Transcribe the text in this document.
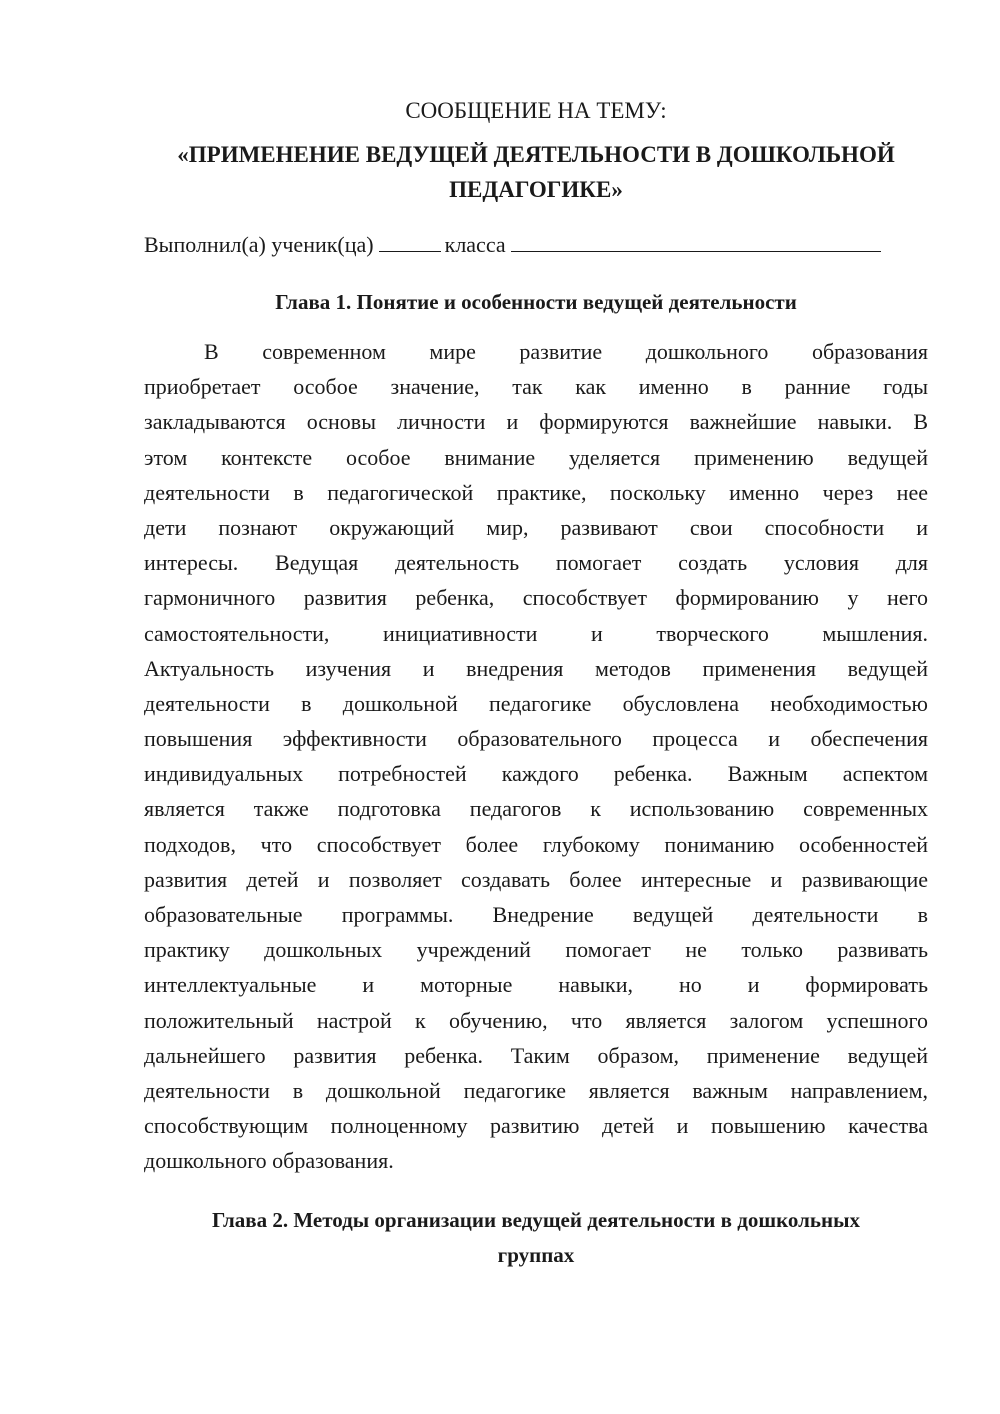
СООБЩЕНИЕ НА ТЕМУ:
«ПРИМЕНЕНИЕ ВЕДУЩЕЙ ДЕЯТЕЛЬНОСТИ В ДОШКОЛЬНОЙ
ПЕДАГОГИКЕ»
Выполнил(а) ученик(ца)	класса
Глава 1. Понятие и особенности ведущей деятельности
В современном мире развитие дошкольного образования
приобретает особое значение, так как именно в ранние годы
закладываются основы личности и формируются важнейшие навыки. В
этом контексте особое внимание уделяется применению ведущей
деятельности в педагогической практике, поскольку именно через нее
дети познают окружающий мир, развивают свои способности и
интересы. Ведущая деятельность помогает создать условия для
гармоничного развития ребенка, способствует формированию у него
самостоятельности, инициативности и творческого мышления.
Актуальность изучения и внедрения методов применения ведущей
деятельности в дошкольной педагогике обусловлена необходимостью
повышения эффективности образовательного процесса и обеспечения
индивидуальных потребностей каждого ребенка. Важным аспектом
является также подготовка педагогов к использованию современных
подходов, что способствует более глубокому пониманию особенностей
развития детей и позволяет создавать более интересные и развивающие
образовательные программы. Внедрение ведущей деятельности в
практику дошкольных учреждений помогает не только развивать
интеллектуальные и моторные навыки, но и формировать
положительный настрой к обучению, что является залогом успешного
дальнейшего развития ребенка. Таким образом, применение ведущей
деятельности в дошкольной педагогике является важным направлением,
способствующим полноценному развитию детей и повышению качества
дошкольного образования.
Глава 2. Методы организации ведущей деятельности в дошкольных
группах
